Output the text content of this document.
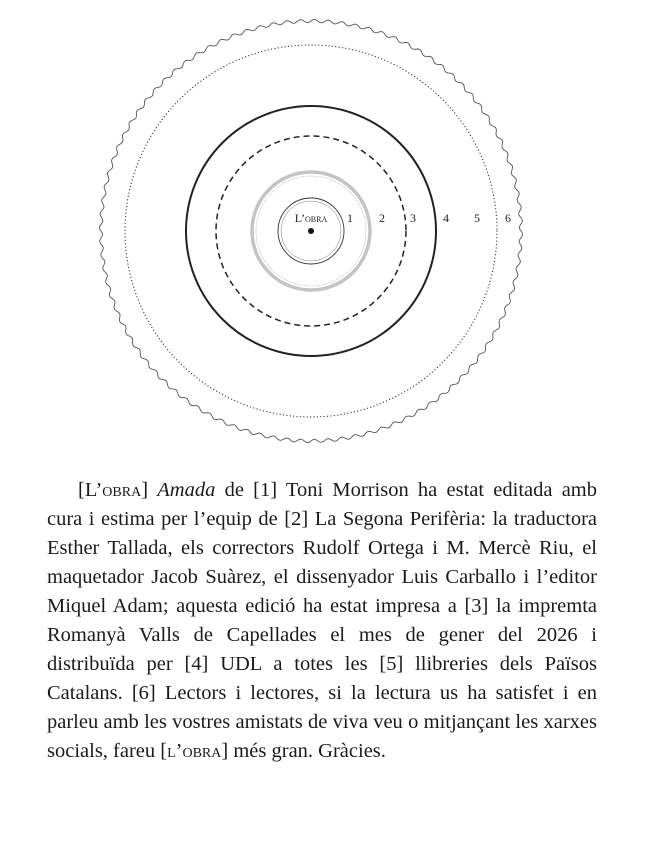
L’obra 1 2 3 4 5 6

[L’obra] Amada de [1] Toni Morrison ha estat editada amb cura i estima per l’equip de [2] La Segona Perifèria: la traductora Esther Tallada, els correctors Rudolf Ortega i M. Mercè Riu, el maquetador Jacob Suàrez, el dissenyador Luis Carballo i l’editor Miquel Adam; aquesta edició ha estat impresa a [3] la impremta Romanyà Valls de Capellades el mes de gener del 2026 i distribuïda per [4] UDL a totes les [5] llibreries dels Països Catalans. [6] Lectors i lectores, si la lectura us ha satisfet i en parleu amb les vostres amistats de viva veu o mitjançant les xarxes socials, fareu [l’obra] més gran. Gràcies.
